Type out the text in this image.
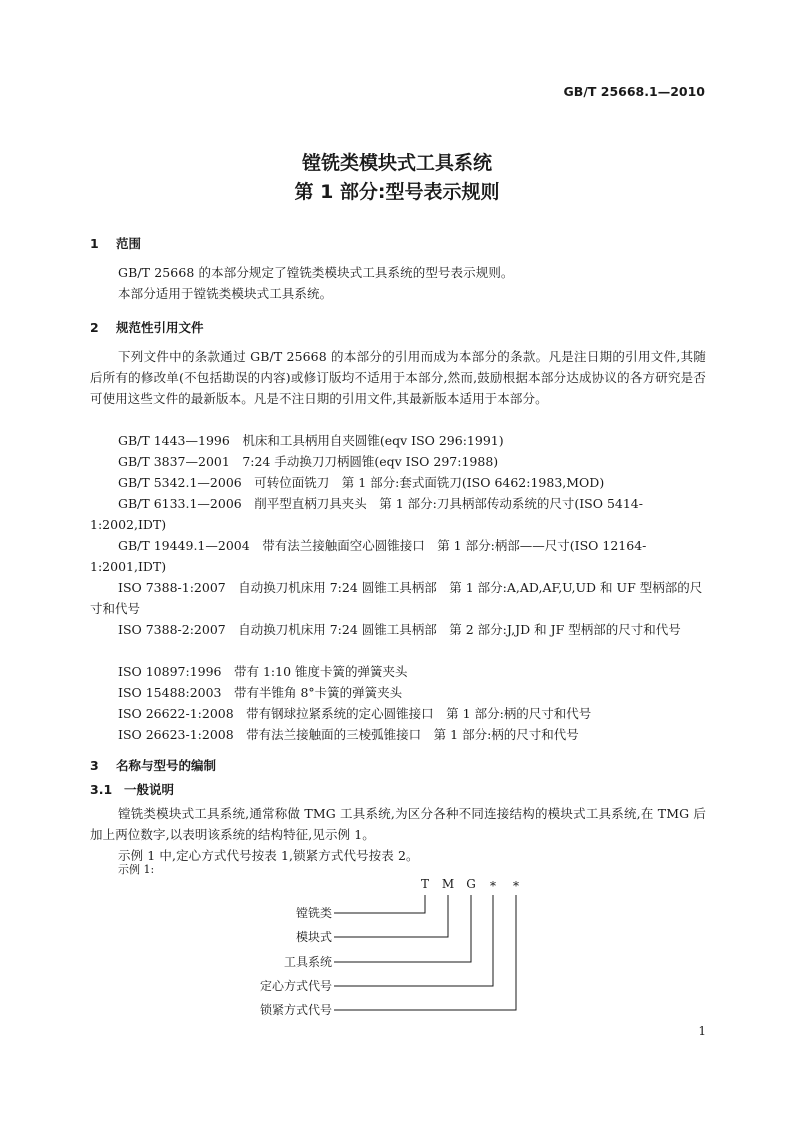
GB/T 25668.1—2010
镗铣类模块式工具系统
第 1 部分:型号表示规则
1 范围
GB/T 25668 的本部分规定了镗铣类模块式工具系统的型号表示规则。
本部分适用于镗铣类模块式工具系统。
2 规范性引用文件
下列文件中的条款通过 GB/T 25668 的本部分的引用而成为本部分的条款。凡是注日期的引用文件,其随后所有的修改单(不包括勘误的内容)或修订版均不适用于本部分,然而,鼓励根据本部分达成协议的各方研究是否可使用这些文件的最新版本。凡是不注日期的引用文件,其最新版本适用于本部分。
GB/T 1443—1996　机床和工具柄用自夹圆锥(eqv ISO 296:1991)
GB/T 3837—2001　7:24 手动换刀刀柄圆锥(eqv ISO 297:1988)
GB/T 5342.1—2006　可转位面铣刀　第 1 部分:套式面铣刀(ISO 6462:1983,MOD)
GB/T 6133.1—2006　削平型直柄刀具夹头　第 1 部分:刀具柄部传动系统的尺寸(ISO 5414-1:2002,IDT)
GB/T 19449.1—2004　带有法兰接触面空心圆锥接口　第 1 部分:柄部——尺寸(ISO 12164-1:2001,IDT)
ISO 7388-1:2007　自动换刀机床用 7:24 圆锥工具柄部　第 1 部分:A,AD,AF,U,UD 和 UF 型柄部的尺寸和代号
ISO 7388-2:2007　自动换刀机床用 7:24 圆锥工具柄部　第 2 部分:J,JD 和 JF 型柄部的尺寸和代号
ISO 10897:1996　带有 1:10 锥度卡簧的弹簧夹头
ISO 15488:2003　带有半锥角 8°卡簧的弹簧夹头
ISO 26622-1:2008　带有钢球拉紧系统的定心圆锥接口　第 1 部分:柄的尺寸和代号
ISO 26623-1:2008　带有法兰接触面的三棱弧锥接口　第 1 部分:柄的尺寸和代号
3 名称与型号的编制
3.1 一般说明
镗铣类模块式工具系统,通常称做 TMG 工具系统,为区分各种不同连接结构的模块式工具系统,在 TMG 后加上两位数字,以表明该系统的结构特征,见示例 1。
示例 1 中,定心方式代号按表 1,锁紧方式代号按表 2。
示例 1:
T M G * *
镗铣类
模块式
工具系统
定心方式代号
锁紧方式代号
1
